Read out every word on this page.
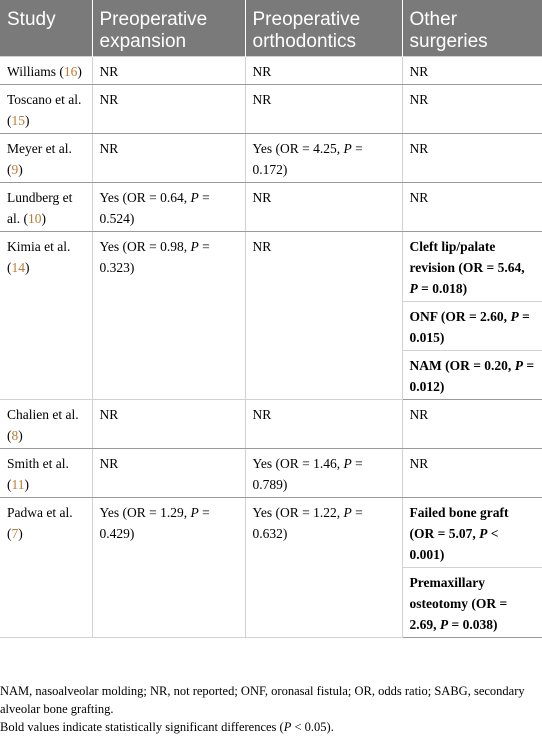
Study	Preoperative expansion	Preoperative orthodontics	Other surgeries
Williams (16)	NR	NR	NR
Toscano et al. (15)	NR	NR	NR
Meyer et al. (9)	NR	Yes (OR = 4.25, P = 0.172)	NR
Lundberg et al. (10)	Yes (OR = 0.64, P = 0.524)	NR	NR
Kimia et al. (14)	Yes (OR = 0.98, P = 0.323)	NR	Cleft lip/palate revision (OR = 5.64, P = 0.018)
			ONF (OR = 2.60, P = 0.015)
			NAM (OR = 0.20, P = 0.012)
Chalien et al. (8)	NR	NR	NR
Smith et al. (11)	NR	Yes (OR = 1.46, P = 0.789)	NR
Padwa et al. (7)	Yes (OR = 1.29, P = 0.429)	Yes (OR = 1.22, P = 0.632)	Failed bone graft (OR = 5.07, P < 0.001)
			Premaxillary osteotomy (OR = 2.69, P = 0.038)

NAM, nasoalveolar molding; NR, not reported; ONF, oronasal fistula; OR, odds ratio; SABG, secondary alveolar bone grafting.

Bold values indicate statistically significant differences (P < 0.05).
